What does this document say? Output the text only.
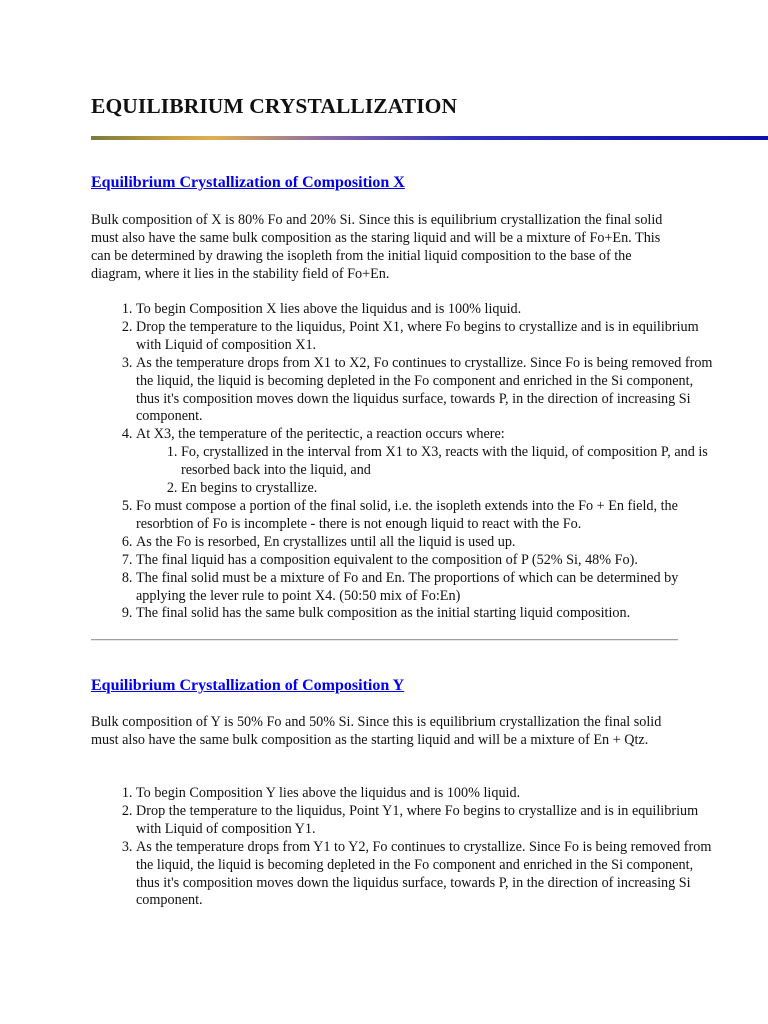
EQUILIBRIUM CRYSTALLIZATION
Equilibrium Crystallization of Composition X

Bulk composition of X is 80% Fo and 20% Si. Since this is equilibrium crystallization the final solid must also have the same bulk composition as the staring liquid and will be a mixture of Fo+En. This can be determined by drawing the isopleth from the initial liquid composition to the base of the diagram, where it lies in the stability field of Fo+En.

1. To begin Composition X lies above the liquidus and is 100% liquid.
2. Drop the temperature to the liquidus, Point X1, where Fo begins to crystallize and is in equilibrium with Liquid of composition X1.
3. As the temperature drops from X1 to X2, Fo continues to crystallize. Since Fo is being removed from the liquid, the liquid is becoming depleted in the Fo component and enriched in the Si component, thus it's composition moves down the liquidus surface, towards P, in the direction of increasing Si component.
4. At X3, the temperature of the peritectic, a reaction occurs where:
1. Fo, crystallized in the interval from X1 to X3, reacts with the liquid, of composition P, and is resorbed back into the liquid, and
2. En begins to crystallize.
5. Fo must compose a portion of the final solid, i.e. the isopleth extends into the Fo + En field, the resorbtion of Fo is incomplete - there is not enough liquid to react with the Fo.
6. As the Fo is resorbed, En crystallizes until all the liquid is used up.
7. The final liquid has a composition equivalent to the composition of P (52% Si, 48% Fo).
8. The final solid must be a mixture of Fo and En. The proportions of which can be determined by applying the lever rule to point X4. (50:50 mix of Fo:En)
9. The final solid has the same bulk composition as the initial starting liquid composition.
Equilibrium Crystallization of Composition Y

Bulk composition of Y is 50% Fo and 50% Si. Since this is equilibrium crystallization the final solid must also have the same bulk composition as the starting liquid and will be a mixture of En + Qtz.

1. To begin Composition Y lies above the liquidus and is 100% liquid.
2. Drop the temperature to the liquidus, Point Y1, where Fo begins to crystallize and is in equilibrium with Liquid of composition Y1.
3. As the temperature drops from Y1 to Y2, Fo continues to crystallize. Since Fo is being removed from the liquid, the liquid is becoming depleted in the Fo component and enriched in the Si component, thus it's composition moves down the liquidus surface, towards P, in the direction of increasing Si component.
